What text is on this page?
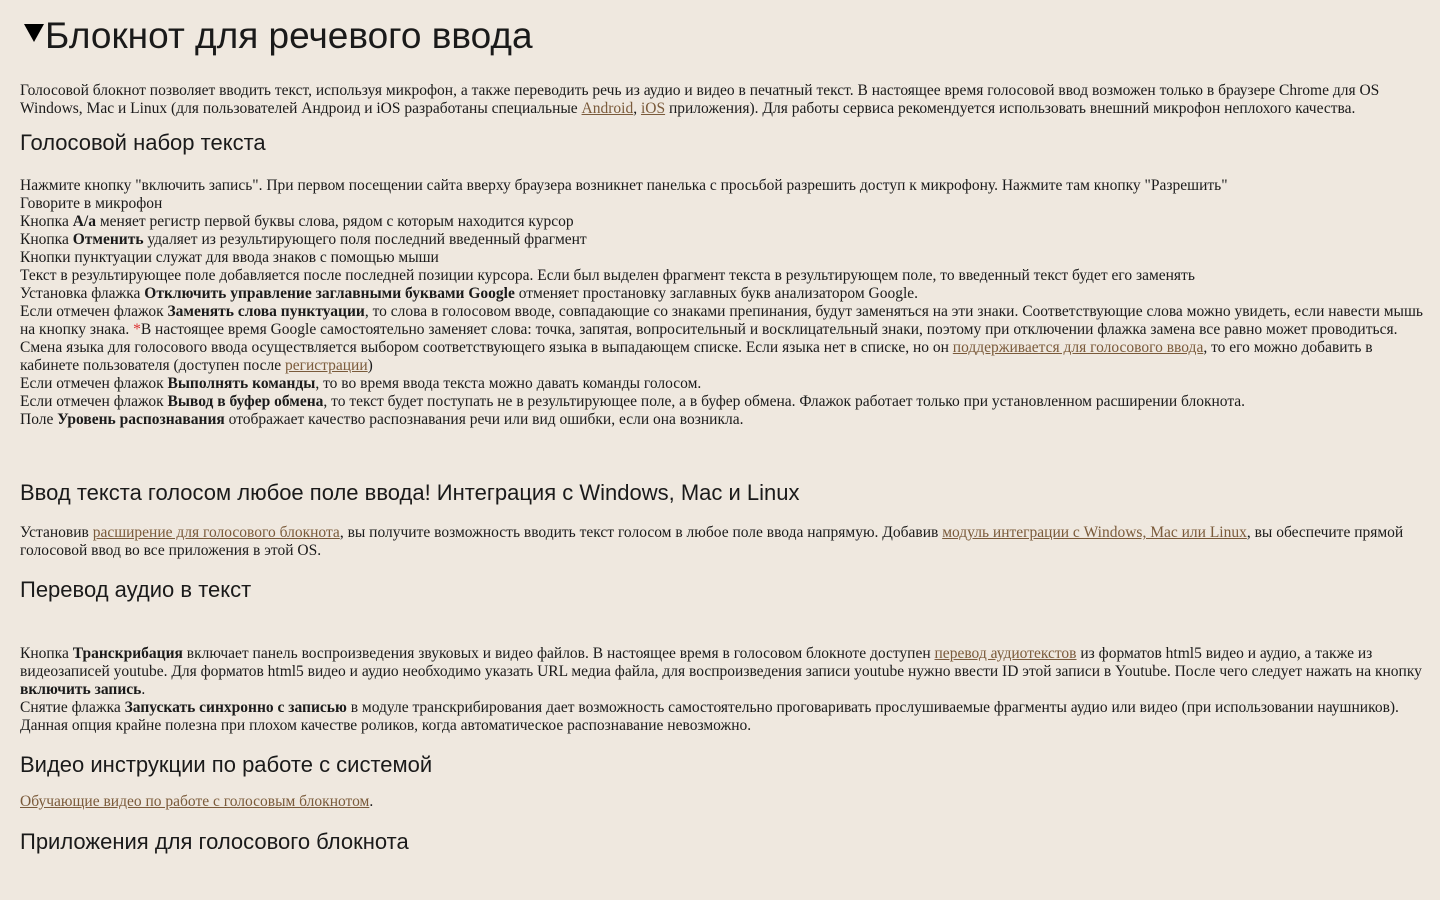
Блокнот для речевого ввода

Голосовой блокнот позволяет вводить текст, используя микрофон, а также переводить речь из аудио и видео в печатный текст. В настоящее время голосовой ввод возможен только в браузере Chrome для OS Windows, Mac и Linux (для пользователей Андроид и iOS разработаны специальные Android, iOS приложения). Для работы сервиса рекомендуется использовать внешний микрофон неплохого качества.

Голосовой набор текста

Нажмите кнопку "включить запись". При первом посещении сайта вверху браузера возникнет панелька с просьбой разрешить доступ к микрофону. Нажмите там кнопку "Разрешить"

Говорите в микрофон

Кнопка A/a меняет регистр первой буквы слова, рядом с которым находится курсор

Кнопка Отменить удаляет из результирующего поля последний введенный фрагмент

Кнопки пунктуации служат для ввода знаков с помощью мыши

Текст в результирующее поле добавляется после последней позиции курсора. Если был выделен фрагмент текста в результирующем поле, то введенный текст будет его заменять

Установка флажка Отключить управление заглавными буквами Google отменяет простановку заглавных букв анализатором Google.

Если отмечен флажок Заменять слова пунктуации, то слова в голосовом вводе, совпадающие со знаками препинания, будут заменяться на эти знаки. Соответствующие слова можно увидеть, если навести мышь на кнопку знака. *В настоящее время Google самостоятельно заменяет слова: точка, запятая, вопросительный и восклицательный знаки, поэтому при отключении флажка замена все равно может проводиться.

Смена языка для голосового ввода осуществляется выбором соответствующего языка в выпадающем списке. Если языка нет в списке, но он поддерживается для голосового ввода, то его можно добавить в кабинете пользователя (доступен после регистрации)

Если отмечен флажок Выполнять команды, то во время ввода текста можно давать команды голосом.

Если отмечен флажок Вывод в буфер обмена, то текст будет поступать не в результирующее поле, а в буфер обмена. Флажок работает только при установленном расширении блокнота.

Поле Уровень распознавания отображает качество распознавания речи или вид ошибки, если она возникла.

Ввод текста голосом любое поле ввода! Интеграция с Windows, Mac и Linux

Установив расширение для голосового блокнота, вы получите возможность вводить текст голосом в любое поле ввода напрямую. Добавив модуль интеграции с Windows, Mac или Linux, вы обеспечите прямой голосовой ввод во все приложения в этой OS.

Перевод аудио в текст

Кнопка Транскрибация включает панель воспроизведения звуковых и видео файлов. В настоящее время в голосовом блокноте доступен перевод аудиотекстов из форматов html5 видео и аудио, а также из видеозаписей youtube. Для форматов html5 видео и аудио необходимо указать URL медиа файла, для воспроизведения записи youtube нужно ввести ID этой записи в Youtube. После чего следует нажать на кнопку включить запись.

Снятие флажка Запускать синхронно с записью в модуле транскрибирования дает возможность самостоятельно проговаривать прослушиваемые фрагменты аудио или видео (при использовании наушников). Данная опция крайне полезна при плохом качестве роликов, когда автоматическое распознавание невозможно.

Видео инструкции по работе с системой

Обучающие видео по работе с голосовым блокнотом.

Приложения для голосового блокнота
